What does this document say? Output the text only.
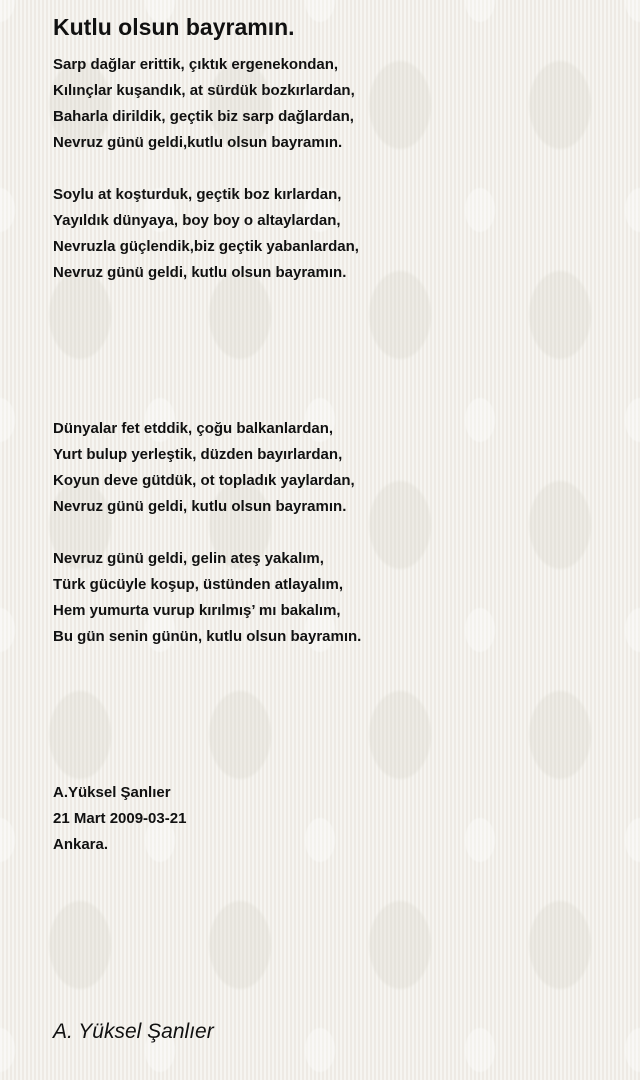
Kutlu olsun bayramın.
Sarp dağlar erittik, çıktık ergenekondan,
Kılınçlar kuşandık, at sürdük bozkırlardan,
Baharla dirildik, geçtik biz sarp dağlardan,
Nevruz günü geldi,kutlu olsun bayramın.
Soylu at koşturduk, geçtik boz kırlardan,
Yayıldık dünyaya, boy boy o altaylardan,
Nevruzla güçlendik,biz geçtik yabanlardan,
Nevruz günü geldi, kutlu olsun bayramın.
Dünyalar fet etddik, çoğu balkanlardan,
Yurt bulup yerleştik, düzden bayırlardan,
Koyun deve gütdük, ot topladık yaylardan,
Nevruz günü geldi, kutlu olsun bayramın.
Nevruz günü geldi, gelin ateş yakalım,
Türk gücüyle koşup, üstünden atlayalım,
Hem yumurta vurup kırılmış’ mı bakalım,
Bu gün senin günün, kutlu olsun bayramın.
A.Yüksel Şanlıer
21 Mart 2009-03-21
Ankara.
A. Yüksel Şanlıer
